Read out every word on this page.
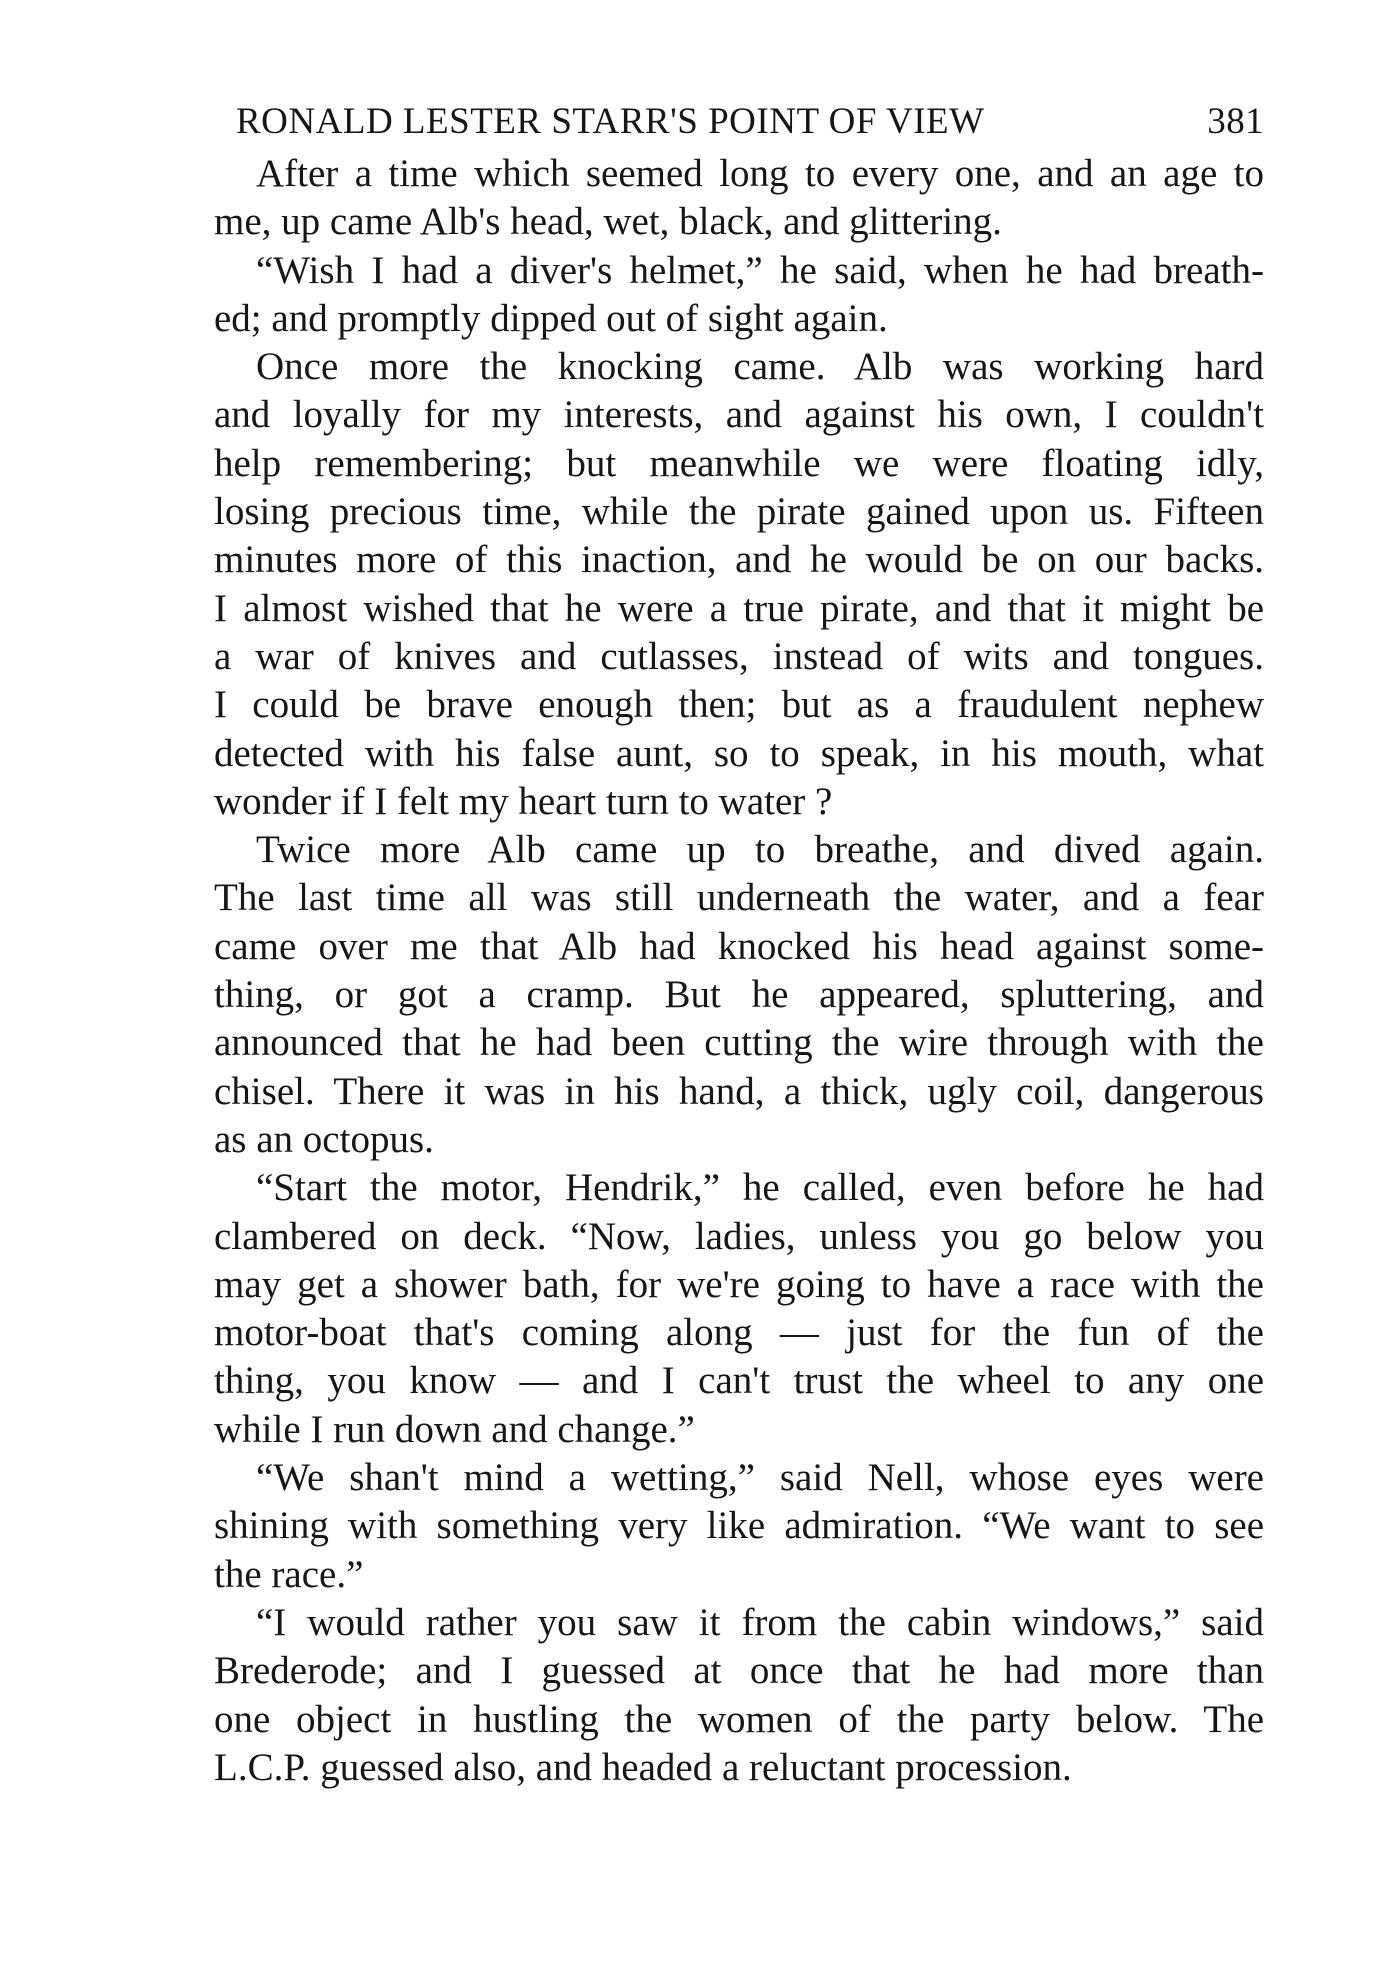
RONALD LESTER STARR'S POINT OF VIEW	381
After a time which seemed long to every one, and an age to
me, up came Alb's head, wet, black, and glittering.
“Wish I had a diver's helmet,” he said, when he had breath-
ed; and promptly dipped out of sight again.
Once more the knocking came. Alb was working hard
and loyally for my interests, and against his own, I couldn't
help remembering; but meanwhile we were floating idly,
losing precious time, while the pirate gained upon us. Fifteen
minutes more of this inaction, and he would be on our backs.
I almost wished that he were a true pirate, and that it might be
a war of knives and cutlasses, instead of wits and tongues.
I could be brave enough then; but as a fraudulent nephew
detected with his false aunt, so to speak, in his mouth, what
wonder if I felt my heart turn to water ?
Twice more Alb came up to breathe, and dived again.
The last time all was still underneath the water, and a fear
came over me that Alb had knocked his head against some-
thing, or got a cramp. But he appeared, spluttering, and
announced that he had been cutting the wire through with the
chisel. There it was in his hand, a thick, ugly coil, dangerous
as an octopus.
“Start the motor, Hendrik,” he called, even before he had
clambered on deck. “Now, ladies, unless you go below you
may get a shower bath, for we're going to have a race with the
motor-boat that's coming along — just for the fun of the
thing, you know — and I can't trust the wheel to any one
while I run down and change.”
“We shan't mind a wetting,” said Nell, whose eyes were
shining with something very like admiration. “We want to see
the race.”
“I would rather you saw it from the cabin windows,” said
Brederode; and I guessed at once that he had more than
one object in hustling the women of the party below. The
L.C.P. guessed also, and headed a reluctant procession.
